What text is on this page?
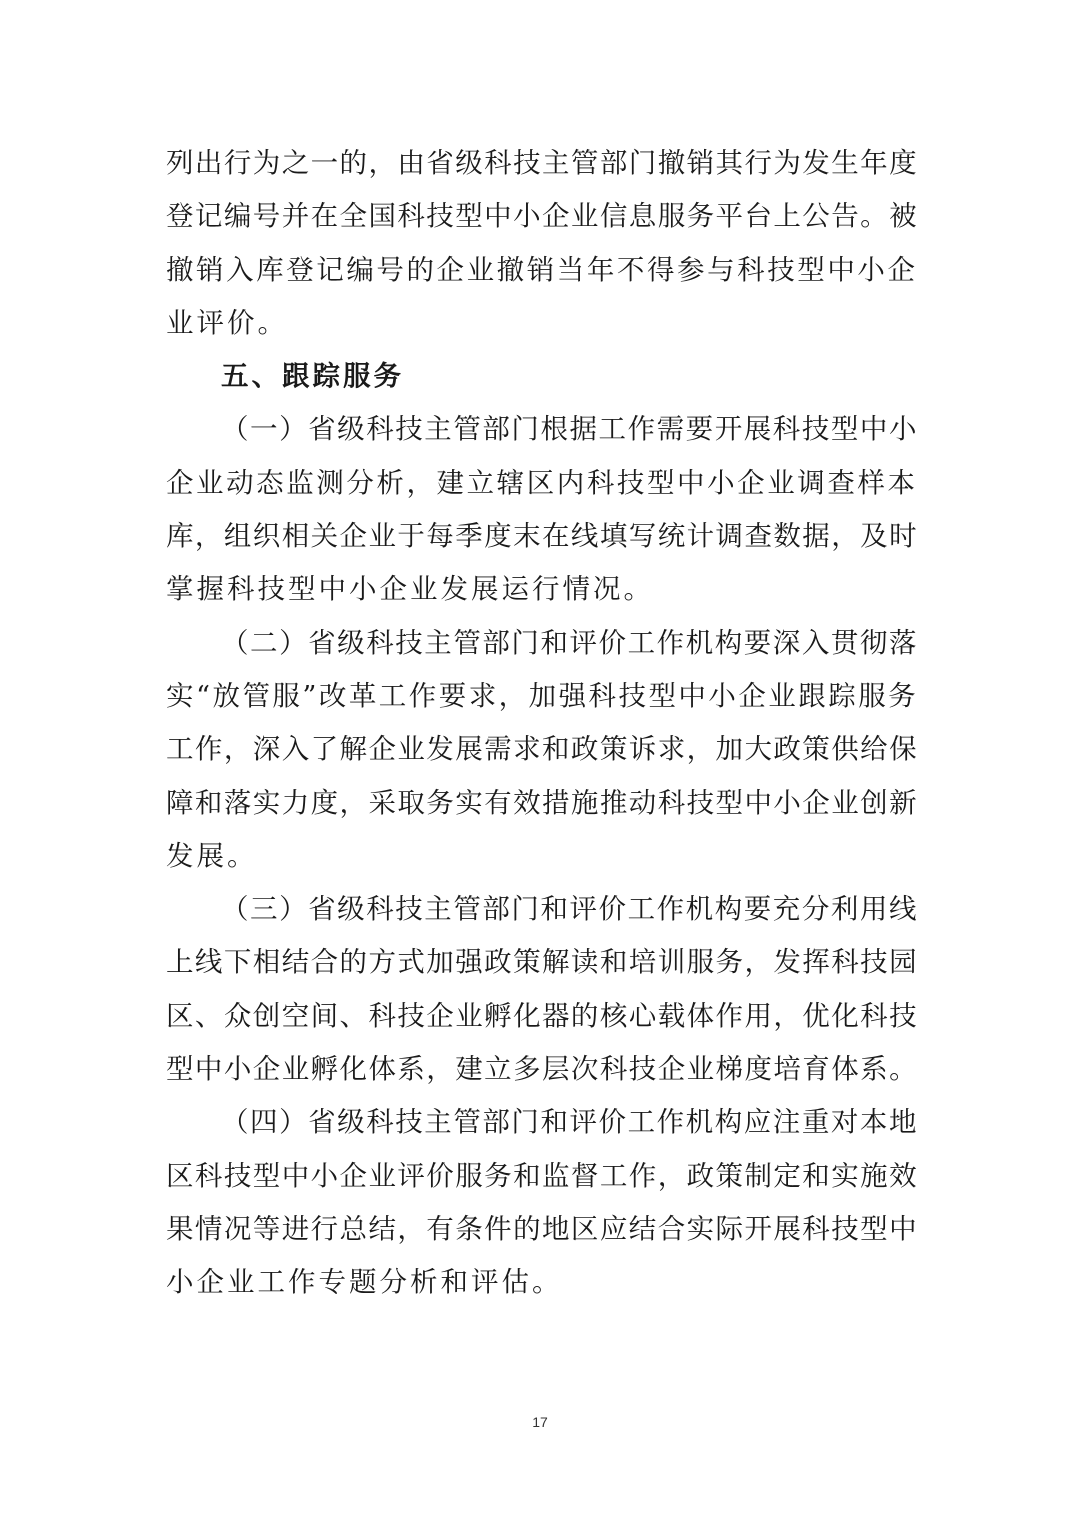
列出行为之一的，由省级科技主管部门撤销其行为发生年度
登记编号并在全国科技型中小企业信息服务平台上公告。被
撤销入库登记编号的企业撤销当年不得参与科技型中小企
业评价。
五、跟踪服务
（一）省级科技主管部门根据工作需要开展科技型中小
企业动态监测分析，建立辖区内科技型中小企业调查样本
库，组织相关企业于每季度末在线填写统计调查数据，及时
掌握科技型中小企业发展运行情况。
（二）省级科技主管部门和评价工作机构要深入贯彻落
实“放管服”改革工作要求，加强科技型中小企业跟踪服务
工作，深入了解企业发展需求和政策诉求，加大政策供给保
障和落实力度，采取务实有效措施推动科技型中小企业创新
发展。
（三）省级科技主管部门和评价工作机构要充分利用线
上线下相结合的方式加强政策解读和培训服务，发挥科技园
区、众创空间、科技企业孵化器的核心载体作用，优化科技
型中小企业孵化体系，建立多层次科技企业梯度培育体系。
（四）省级科技主管部门和评价工作机构应注重对本地
区科技型中小企业评价服务和监督工作，政策制定和实施效
果情况等进行总结，有条件的地区应结合实际开展科技型中
小企业工作专题分析和评估。
17
